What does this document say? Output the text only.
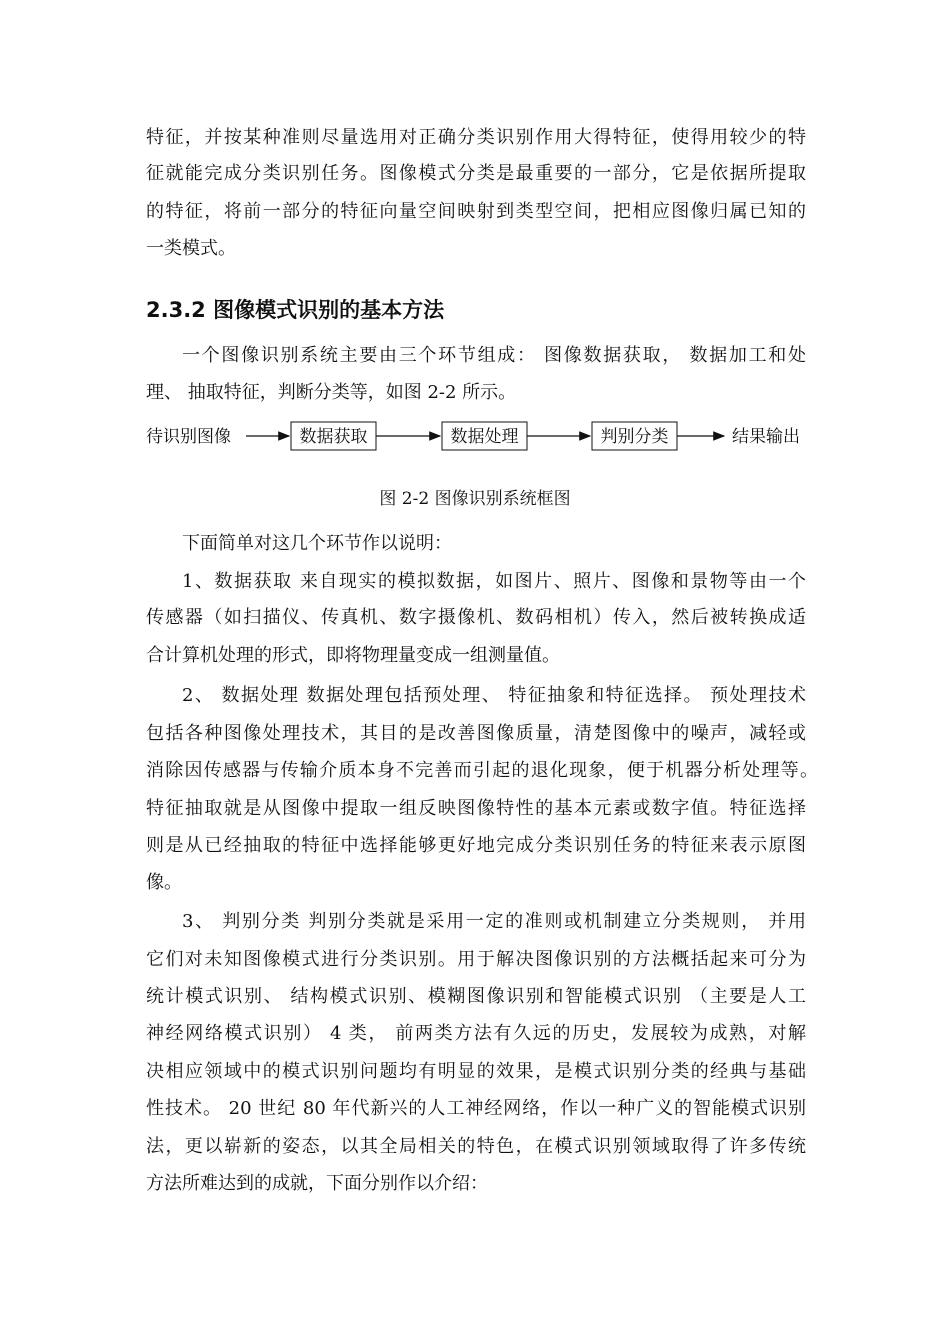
特征，并按某种准则尽量选用对正确分类识别作用大得特征，使得用较少的特
征就能完成分类识别任务。图像模式分类是最重要的一部分，它是依据所提取
的特征，将前一部分的特征向量空间映射到类型空间，把相应图像归属已知的
一类模式。
2.3.2 图像模式识别的基本方法
一个图像识别系统主要由三个环节组成： 图像数据获取， 数据加工和处
理、 抽取特征，判断分类等，如图 2-2 所示。
待识别图像	数据获取	数据处理	判别分类	结果输出
图 2-2 图像识别系统框图
下面简单对这几个环节作以说明：
1、数据获取 来自现实的模拟数据，如图片、照片、图像和景物等由一个
传感器（如扫描仪、传真机、数字摄像机、数码相机）传入，然后被转换成适
合计算机处理的形式，即将物理量变成一组测量值。
2、 数据处理 数据处理包括预处理、 特征抽象和特征选择。 预处理技术
包括各种图像处理技术，其目的是改善图像质量，清楚图像中的噪声，减轻或
消除因传感器与传输介质本身不完善而引起的退化现象，便于机器分析处理等。
特征抽取就是从图像中提取一组反映图像特性的基本元素或数字值。特征选择
则是从已经抽取的特征中选择能够更好地完成分类识别任务的特征来表示原图
像。
3、 判别分类 判别分类就是采用一定的准则或机制建立分类规则， 并用
它们对未知图像模式进行分类识别。用于解决图像识别的方法概括起来可分为
统计模式识别、 结构模式识别、模糊图像识别和智能模式识别 （主要是人工
神经网络模式识别） 4 类， 前两类方法有久远的历史，发展较为成熟，对解
决相应领域中的模式识别问题均有明显的效果，是模式识别分类的经典与基础
性技术。 20 世纪 80 年代新兴的人工神经网络，作以一种广义的智能模式识别
法，更以崭新的姿态，以其全局相关的特色，在模式识别领域取得了许多传统
方法所难达到的成就，下面分别作以介绍：
